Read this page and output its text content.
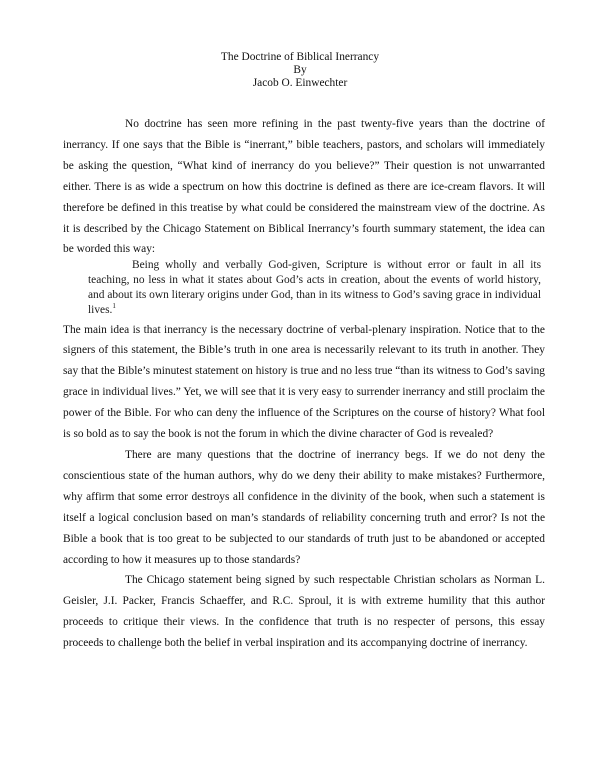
The Doctrine of Biblical Inerrancy
By
Jacob O. Einwechter

No doctrine has seen more refining in the past twenty-five years than the doctrine of inerrancy. If one says that the Bible is “inerrant,” bible teachers, pastors, and scholars will immediately be asking the question, “What kind of inerrancy do you believe?” Their question is not unwarranted either. There is as wide a spectrum on how this doctrine is defined as there are ice-cream flavors. It will therefore be defined in this treatise by what could be considered the mainstream view of the doctrine. As it is described by the Chicago Statement on Biblical Inerrancy’s fourth summary statement, the idea can be worded this way:

Being wholly and verbally God-given, Scripture is without error or fault in all its teaching, no less in what it states about God’s acts in creation, about the events of world history, and about its own literary origins under God, than in its witness to God’s saving grace in individual lives.$^1$

The main idea is that inerrancy is the necessary doctrine of verbal-plenary inspiration. Notice that to the signers of this statement, the Bible’s truth in one area is necessarily relevant to its truth in another. They say that the Bible’s minutest statement on history is true and no less true “than its witness to God’s saving grace in individual lives.” Yet, we will see that it is very easy to surrender inerrancy and still proclaim the power of the Bible. For who can deny the influence of the Scriptures on the course of history? What fool is so bold as to say the book is not the forum in which the divine character of God is revealed?

There are many questions that the doctrine of inerrancy begs. If we do not deny the conscientious state of the human authors, why do we deny their ability to make mistakes? Furthermore, why affirm that some error destroys all confidence in the divinity of the book, when such a statement is itself a logical conclusion based on man’s standards of reliability concerning truth and error? Is not the Bible a book that is too great to be subjected to our standards of truth just to be abandoned or accepted according to how it measures up to those standards?

The Chicago statement being signed by such respectable Christian scholars as Norman L. Geisler, J.I. Packer, Francis Schaeffer, and R.C. Sproul, it is with extreme humility that this author proceeds to critique their views. In the confidence that truth is no respecter of persons, this essay proceeds to challenge both the belief in verbal inspiration and its accompanying doctrine of inerrancy.
